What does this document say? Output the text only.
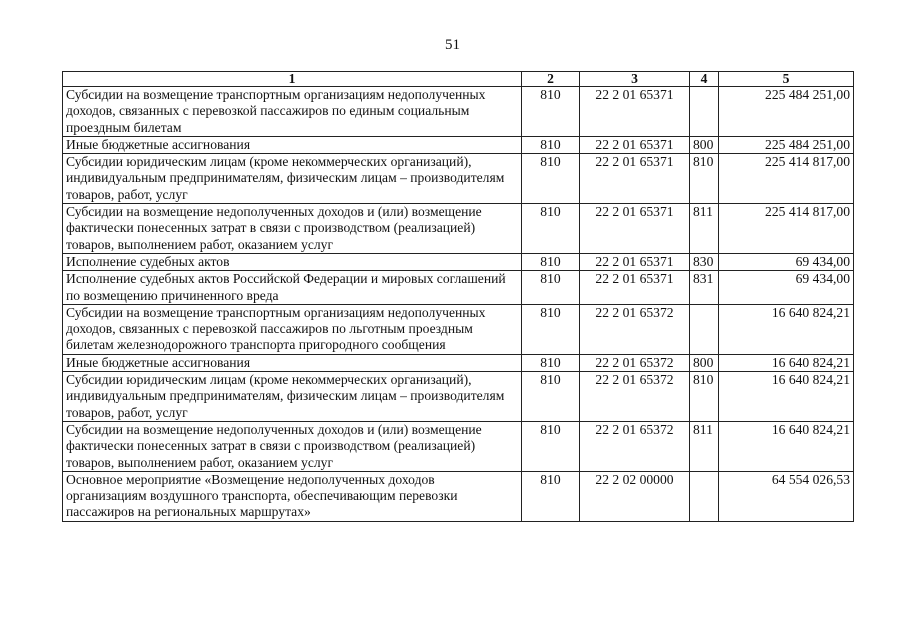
51
1	2	3	4	5
Субсидии на возмещение транспортным организациям недополученных доходов, связанных с перевозкой пассажиров по единым социальным проездным билетам	810	22 2 01 65371		225 484 251,00
Иные бюджетные ассигнования	810	22 2 01 65371	800	225 484 251,00
Субсидии юридическим лицам (кроме некоммерческих организаций), индивидуальным предпринимателям, физическим лицам – производителям товаров, работ, услуг	810	22 2 01 65371	810	225 414 817,00
Субсидии на возмещение недополученных доходов и (или) возмещение фактически понесенных затрат в связи с производством (реализацией) товаров, выполнением работ, оказанием услуг	810	22 2 01 65371	811	225 414 817,00
Исполнение судебных актов	810	22 2 01 65371	830	69 434,00
Исполнение судебных актов Российской Федерации и мировых соглашений по возмещению причиненного вреда	810	22 2 01 65371	831	69 434,00
Субсидии на возмещение транспортным организациям недополученных доходов, связанных с перевозкой пассажиров по льготным проездным билетам железнодорожного транспорта пригородного сообщения	810	22 2 01 65372		16 640 824,21
Иные бюджетные ассигнования	810	22 2 01 65372	800	16 640 824,21
Субсидии юридическим лицам (кроме некоммерческих организаций), индивидуальным предпринимателям, физическим лицам – производителям товаров, работ, услуг	810	22 2 01 65372	810	16 640 824,21
Субсидии на возмещение недополученных доходов и (или) возмещение фактически понесенных затрат в связи с производством (реализацией) товаров, выполнением работ, оказанием услуг	810	22 2 01 65372	811	16 640 824,21
Основное мероприятие «Возмещение недополученных доходов организациям воздушного транспорта, обеспечивающим перевозки пассажиров на региональных маршрутах»	810	22 2 02 00000		64 554 026,53
